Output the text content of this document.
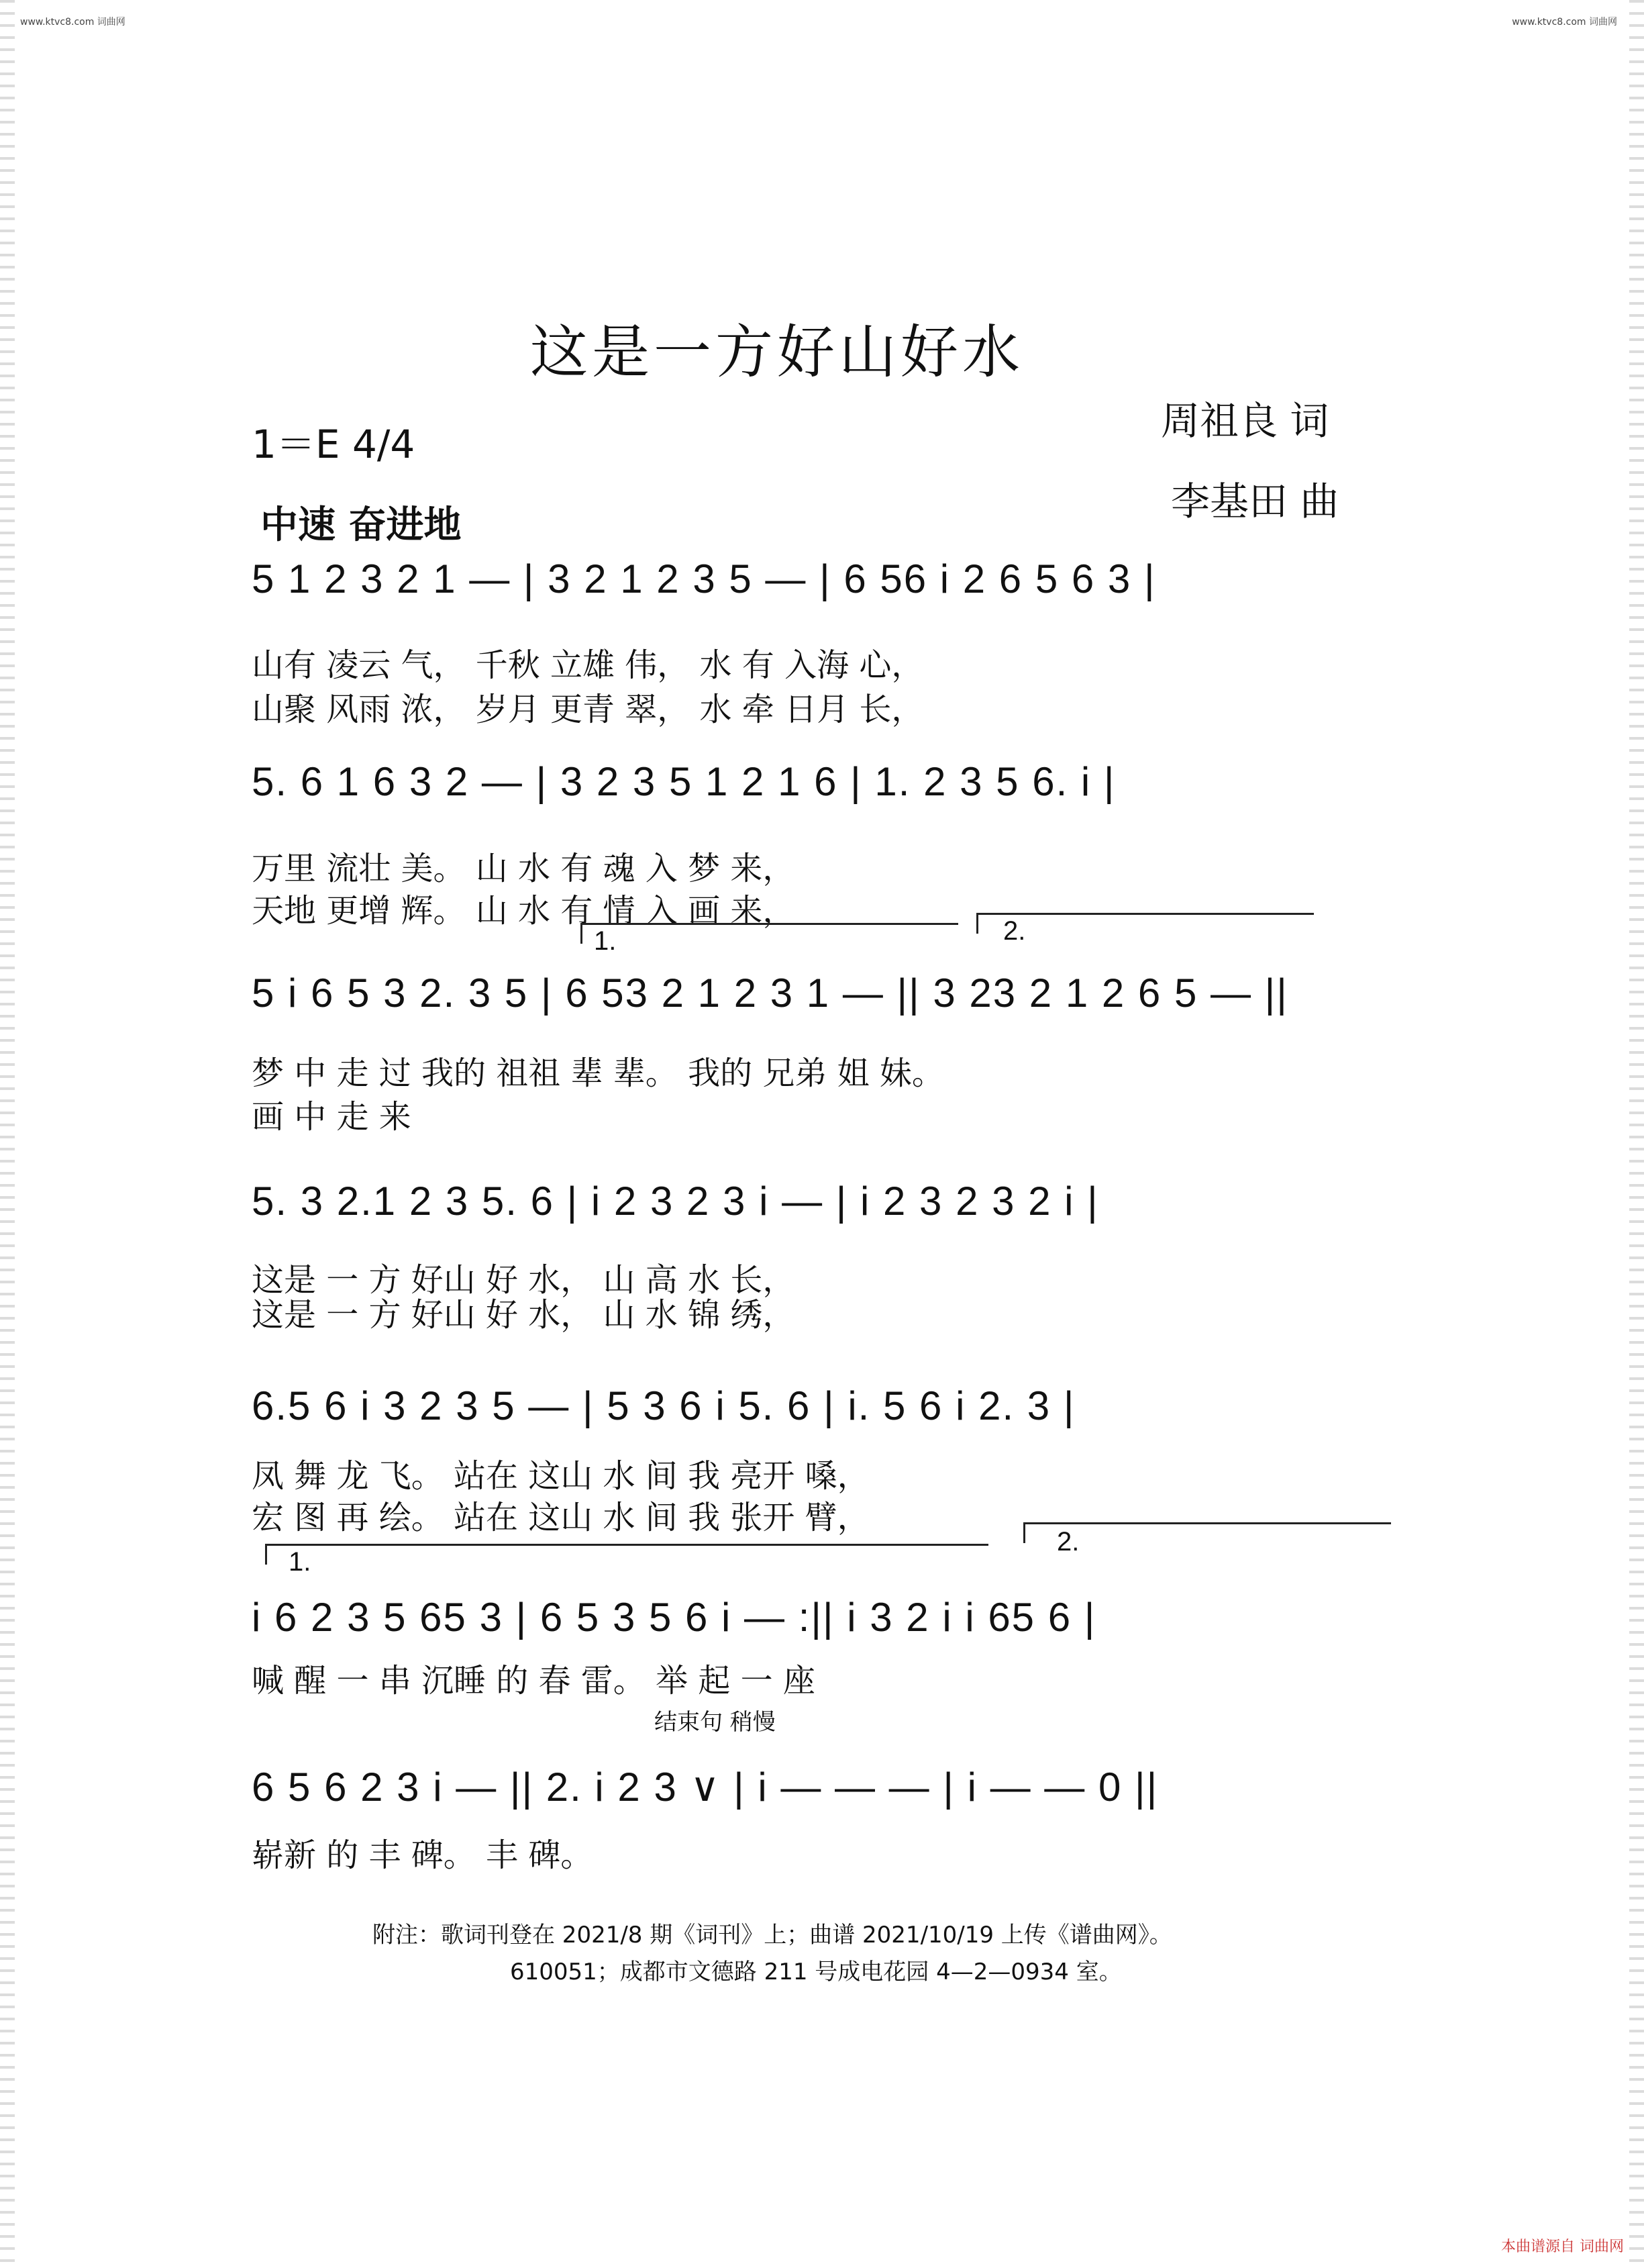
www.ktvc8.com 词曲网	www.ktvc8.com 词曲网
本曲谱源自 词曲网
这是一方好山好水
1＝E 4/4
周祖良 词
李基田 曲
中速 奋进地
5 1 2 3 2 1 — | 3 2 1 2 3 5 — | 6 56 i 2 6 5 6 3 |
山有 凌云 气， 千秋 立雄 伟， 水 有 入海 心，
山聚 风雨 浓， 岁月 更青 翠， 水 牵 日月 长，
5. 6 1 6 3 2 — | 3 2 3 5 1 2 1 6 | 1. 2 3 5 6. i |
万里 流壮 美。 山 水 有 魂 入 梦 来，
天地 更增 辉。 山 水 有 情 入 画 来，
1.	2.
5 i 6 5 3 2. 3 5 | 6 53 2 1 2 3 1 — || 3 23 2 1 2 6 5 — ||
梦 中 走 过 我的 祖祖 辈 辈。 我的 兄弟 姐 妹。
画 中 走 来
5. 3 2.1 2 3 5. 6 | i 2 3 2 3 i — | i 2 3 2 3 2 i |
这是 一 方 好山 好 水， 山 高 水 长，
这是 一 方 好山 好 水， 山 水 锦 绣，
6.5 6 i 3 2 3 5 — | 5 3 6 i 5. 6 | i. 5 6 i 2. 3 |
凤 舞 龙 飞。 站在 这山 水 间 我 亮开 嗓，
宏 图 再 绘。 站在 这山 水 间 我 张开 臂，
1.
2.
i 6 2 3 5 65 3 | 6 5 3 5 6 i — :|| i 3 2 i i 65 6 |
喊 醒 一 串 沉睡 的 春 雷。 举 起 一 座
结束句 稍慢
6 5 6 2 3 i — || 2. i 2 3 ∨ | i — — — | i — — 0 ||
崭新 的 丰 碑。 丰 碑。
附注：歌词刊登在 2021/8 期《词刊》上；曲谱 2021/10/19 上传《谱曲网》。
610051；成都市文德路 211 号成电花园 4—2—0934 室。
